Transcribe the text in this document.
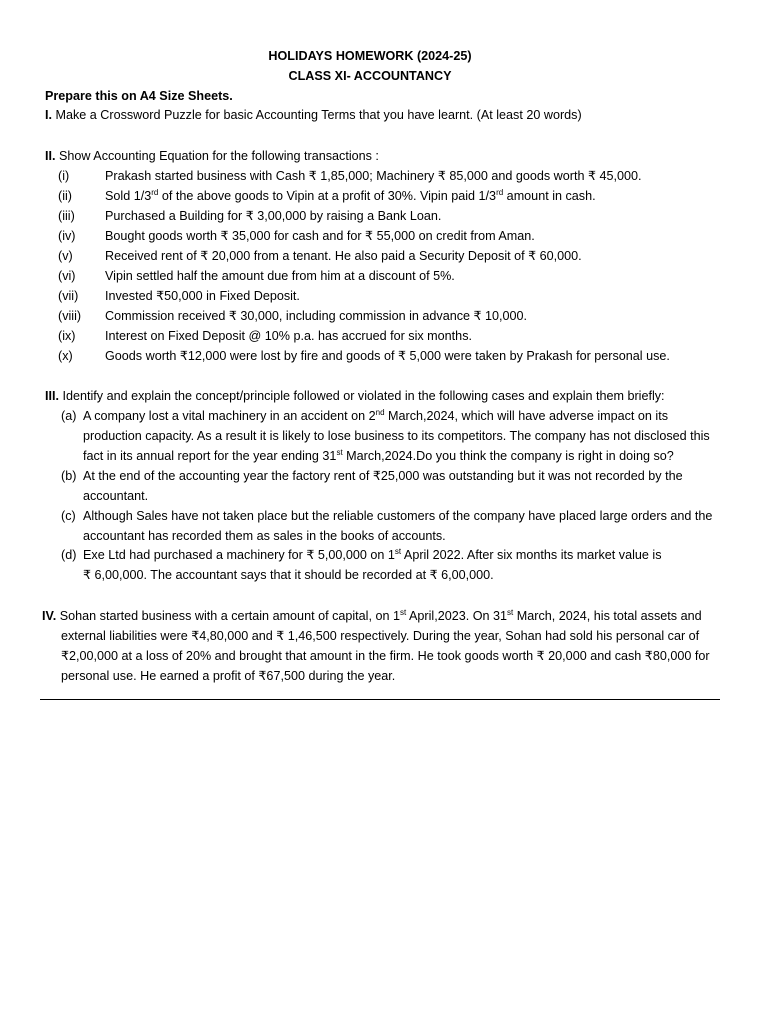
HOLIDAYS HOMEWORK (2024-25)
CLASS XI- ACCOUNTANCY
Prepare this on A4 Size Sheets.
I. Make a Crossword Puzzle for basic Accounting Terms that you have learnt. (At least 20 words)
II. Show Accounting Equation for the following transactions :
(i)	Prakash started business with Cash ₹ 1,85,000; Machinery ₹ 85,000 and goods worth ₹ 45,000.
(ii)	Sold 1/3rd of the above goods to Vipin at a profit of 30%. Vipin paid 1/3rd amount in cash.
(iii) Purchased a Building for ₹ 3,00,000 by raising a Bank Loan.
(iv) Bought goods worth ₹ 35,000 for cash and for ₹ 55,000 on credit from Aman.
(v)	Received rent of ₹ 20,000 from a tenant. He also paid a Security Deposit of ₹ 60,000.
(vi) Vipin settled half the amount due from him at a discount of 5%.
(vii) Invested ₹50,000 in Fixed Deposit.
(viii) Commission received ₹ 30,000, including commission in advance ₹ 10,000.
(ix) Interest on Fixed Deposit @ 10% p.a. has accrued for six months.
(x)	Goods worth ₹12,000 were lost by fire and goods of ₹ 5,000 were taken by Prakash for personal use.
III. Identify and explain the concept/principle followed or violated in the following cases and explain them briefly:
(a) A company lost a vital machinery in an accident on 2nd March,2024, which will have adverse impact on its
production capacity. As a result it is likely to lose business to its competitors. The company has not disclosed this
fact in its annual report for the year ending 31st March,2024.Do you think the company is right in doing so?
(b) At the end of the accounting year the factory rent of ₹25,000 was outstanding but it was not recorded by the
accountant.
(c) Although Sales have not taken place but the reliable customers of the company have placed large orders and the
accountant has recorded them as sales in the books of accounts.
(d) Exe Ltd had purchased a machinery for ₹ 5,00,000 on 1st April 2022. After six months its market value is
₹ 6,00,000. The accountant says that it should be recorded at ₹ 6,00,000.
IV. Sohan started business with a certain amount of capital, on 1st April,2023. On 31st March, 2024, his total assets and
external liabilities were ₹4,80,000 and ₹ 1,46,500 respectively. During the year, Sohan had sold his personal car of
₹2,00,000 at a loss of 20% and brought that amount in the firm. He took goods worth ₹ 20,000 and cash ₹80,000 for
personal use. He earned a profit of ₹67,500 during the year.
